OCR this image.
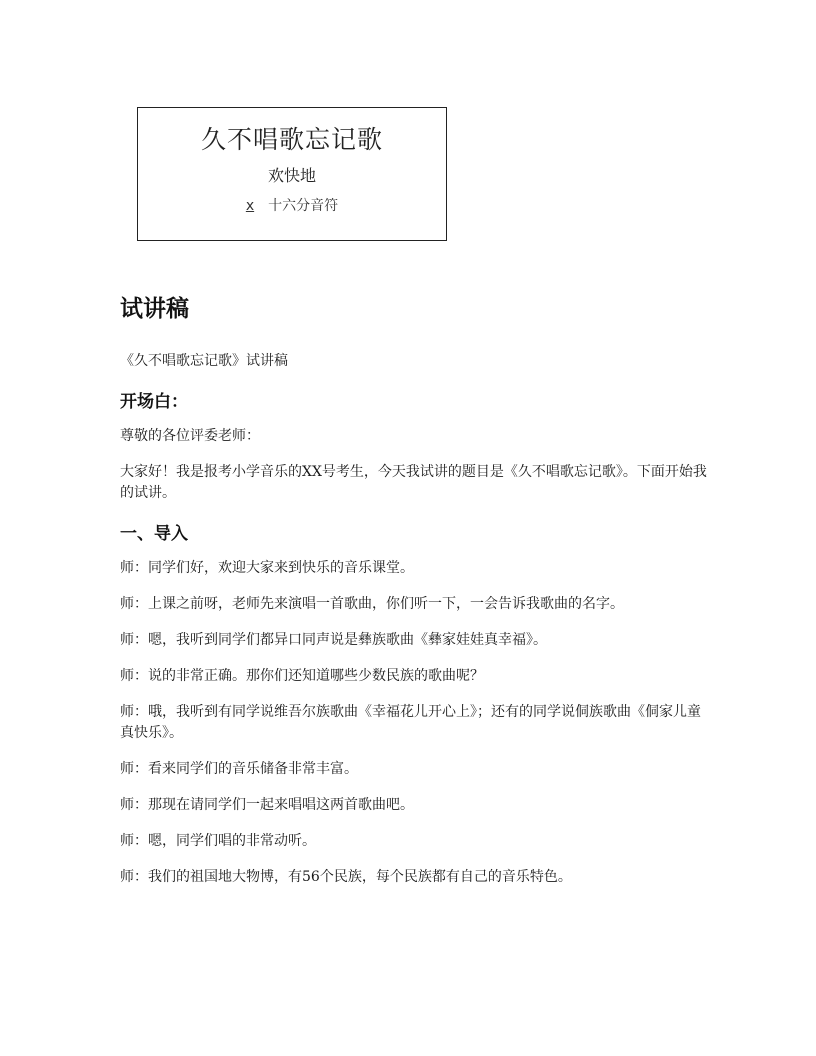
久不唱歌忘记歌
欢快地
x 十六分音符
试讲稿

《久不唱歌忘记歌》试讲稿

开场白：

尊敬的各位评委老师：

大家好！我是报考小学音乐的XX号考生，今天我试讲的题目是《久不唱歌忘记歌》。下面开始我的试讲。

一、导入

师：同学们好，欢迎大家来到快乐的音乐课堂。

师：上课之前呀，老师先来演唱一首歌曲，你们听一下，一会告诉我歌曲的名字。

师：嗯，我听到同学们都异口同声说是彝族歌曲《彝家娃娃真幸福》。

师：说的非常正确。那你们还知道哪些少数民族的歌曲呢？

师：哦，我听到有同学说维吾尔族歌曲《幸福花儿开心上》；还有的同学说侗族歌曲《侗家儿童真快乐》。

师：看来同学们的音乐储备非常丰富。

师：那现在请同学们一起来唱唱这两首歌曲吧。

师：嗯，同学们唱的非常动听。

师：我们的祖国地大物博，有56个民族，每个民族都有自己的音乐特色。
